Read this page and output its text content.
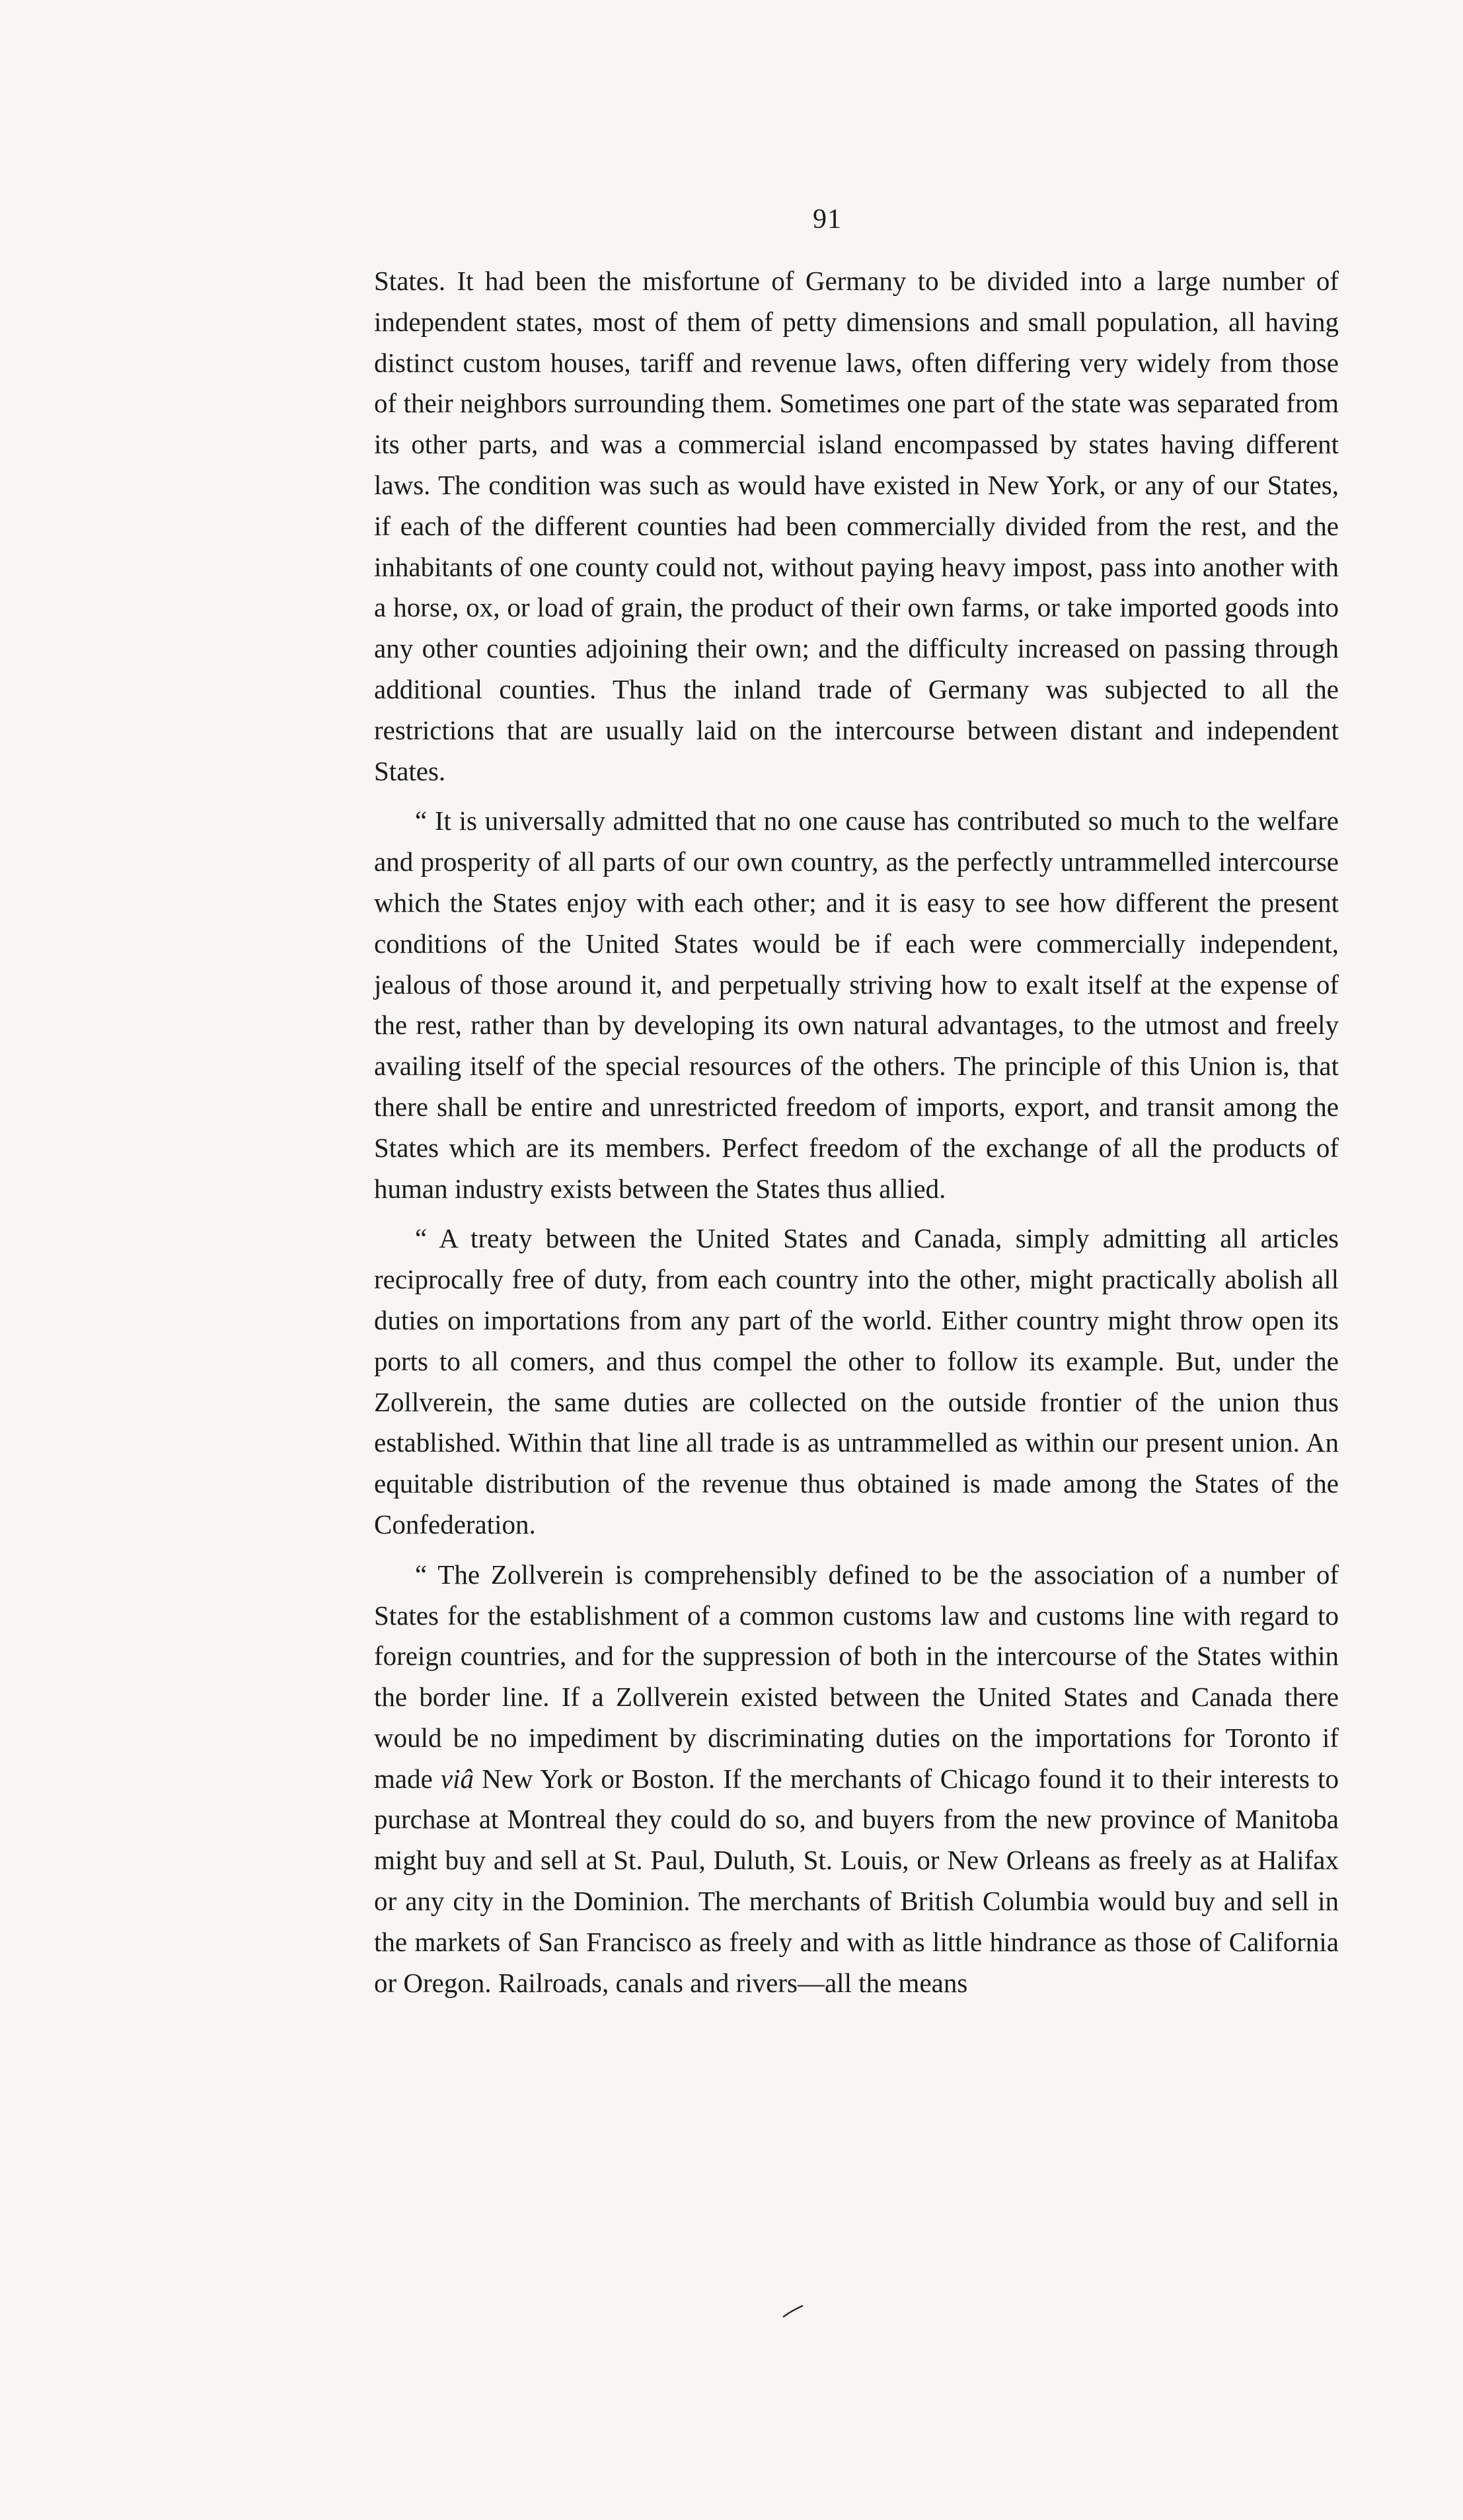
91

States. It had been the misfortune of Germany to be divided into a large number of independent states, most of them of petty dimensions and small population, all having distinct custom houses, tariff and revenue laws, often differing very widely from those of their neighbors surrounding them. Sometimes one part of the state was separated from its other parts, and was a commercial island encompassed by states having different laws. The condition was such as would have existed in New York, or any of our States, if each of the different counties had been commercially divided from the rest, and the inhabitants of one county could not, without paying heavy impost, pass into another with a horse, ox, or load of grain, the product of their own farms, or take imported goods into any other counties adjoining their own; and the difficulty increased on passing through additional counties. Thus the inland trade of Germany was subjected to all the restrictions that are usually laid on the intercourse between distant and independent States.

“ It is universally admitted that no one cause has contributed so much to the welfare and prosperity of all parts of our own country, as the perfectly untrammelled intercourse which the States enjoy with each other; and it is easy to see how different the present conditions of the United States would be if each were commercially independent, jealous of those around it, and perpetually striving how to exalt itself at the expense of the rest, rather than by developing its own natural advantages, to the utmost and freely availing itself of the special resources of the others. The principle of this Union is, that there shall be entire and unrestricted freedom of imports, export, and transit among the States which are its members. Perfect freedom of the exchange of all the products of human industry exists between the States thus allied.

“ A treaty between the United States and Canada, simply admitting all articles reciprocally free of duty, from each country into the other, might practically abolish all duties on importations from any part of the world. Either country might throw open its ports to all comers, and thus compel the other to follow its example. But, under the Zollverein, the same duties are collected on the outside frontier of the union thus established. Within that line all trade is as untrammelled as within our present union. An equitable distribution of the revenue thus obtained is made among the States of the Confederation.

“ The Zollverein is comprehensibly defined to be the association of a number of States for the establishment of a common customs law and customs line with regard to foreign countries, and for the suppression of both in the intercourse of the States within the border line. If a Zollverein existed between the United States and Canada there would be no impediment by discriminating duties on the importations for Toronto if made viâ New York or Boston. If the merchants of Chicago found it to their interests to purchase at Montreal they could do so, and buyers from the new province of Manitoba might buy and sell at St. Paul, Duluth, St. Louis, or New Orleans as freely as at Halifax or any city in the Dominion. The merchants of British Columbia would buy and sell in the markets of San Francisco as freely and with as little hindrance as those of California or Oregon. Railroads, canals and rivers—all the means
